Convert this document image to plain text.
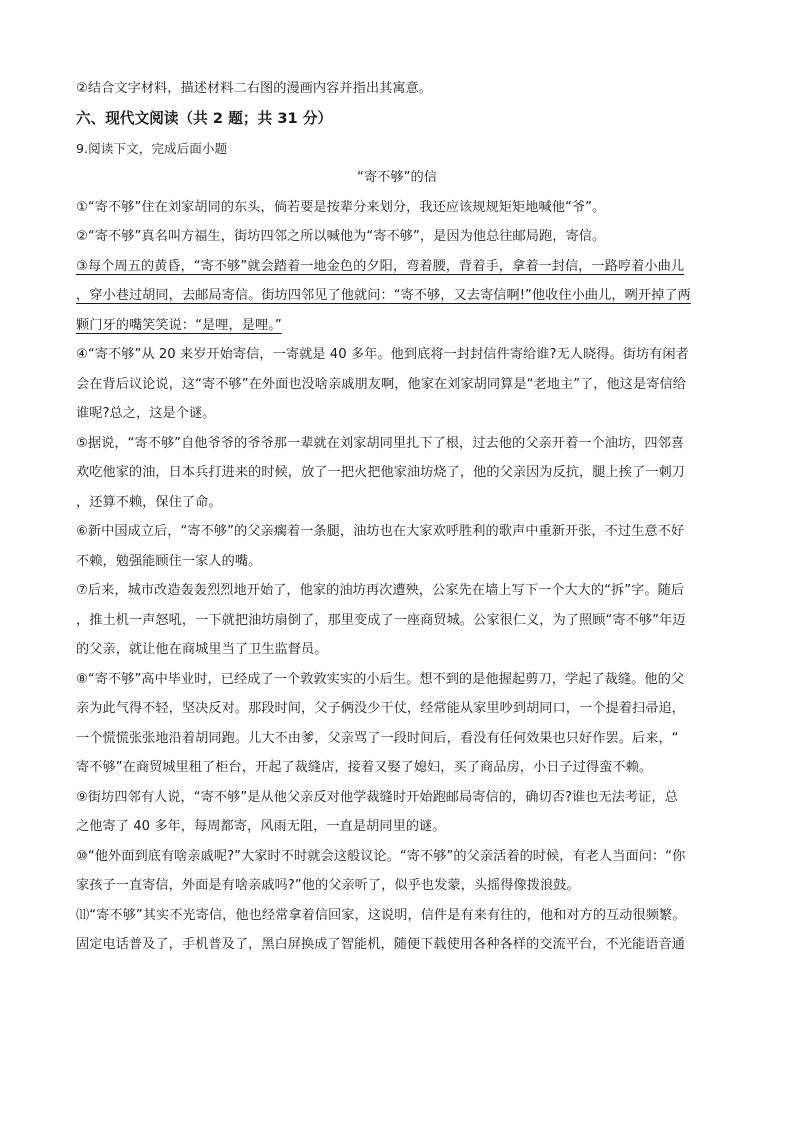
②结合文字材料，描述材料二右图的漫画内容并指出其寓意。
六、现代文阅读（共 2 题；共 31 分）
9.阅读下文，完成后面小题
“寄不够”的信
①“寄不够”住在刘家胡同的东头，倘若要是按辈分来划分，我还应该规规矩矩地喊他“爷”。
②“寄不够”真名叫方福生，街坊四邻之所以喊他为“寄不够”，是因为他总往邮局跑，寄信。
③每个周五的黄昏，“寄不够”就会踏着一地金色的夕阳，弯着腰，背着手，拿着一封信，一路哼着小曲儿
，穿小巷过胡同，去邮局寄信。街坊四邻见了他就问：“寄不够，又去寄信啊!”他收住小曲儿，咧开掉了两
颗门牙的嘴笑笑说：“是哩，是哩。”
④“寄不够”从 20 来岁开始寄信，一寄就是 40 多年。他到底将一封封信件寄给谁?无人晓得。街坊有闲者
会在背后议论说，这“寄不够”在外面也没啥亲戚朋友啊，他家在刘家胡同算是“老地主”了，他这是寄信给
谁呢?总之，这是个谜。
⑤据说，“寄不够”自他爷爷的爷爷那一辈就在刘家胡同里扎下了根，过去他的父亲开着一个油坊，四邻喜
欢吃他家的油，日本兵打进来的时候，放了一把火把他家油坊烧了，他的父亲因为反抗，腿上挨了一刺刀
，还算不赖，保住了命。
⑥新中国成立后，“寄不够”的父亲瘸着一条腿，油坊也在大家欢呼胜利的歌声中重新开张，不过生意不好
不赖，勉强能顾住一家人的嘴。
⑦后来，城市改造轰轰烈烈地开始了，他家的油坊再次遭殃，公家先在墙上写下一个大大的“拆”字。随后
，推土机一声怒吼，一下就把油坊扇倒了，那里变成了一座商贸城。公家很仁义，为了照顾“寄不够”年迈
的父亲，就让他在商城里当了卫生监督员。
⑧“寄不够”高中毕业时，已经成了一个敦敦实实的小后生。想不到的是他握起剪刀，学起了裁缝。他的父
亲为此气得不轻，坚决反对。那段时间，父子俩没少干仗，经常能从家里吵到胡同口，一个提着扫帚追，
一个慌慌张张地沿着胡同跑。儿大不由爹，父亲骂了一段时间后，看没有任何效果也只好作罢。后来，“
寄不够”在商贸城里租了柜台，开起了裁缝店，接着又娶了媳妇，买了商品房，小日子过得蛮不赖。
⑨街坊四邻有人说，“寄不够”是从他父亲反对他学裁缝时开始跑邮局寄信的，确切否?谁也无法考证，总
之他寄了 40 多年，每周都寄，风雨无阻，一直是胡同里的谜。
⑩“他外面到底有啥亲戚呢?”大家时不时就会这般议论。“寄不够”的父亲活着的时候，有老人当面问：“你
家孩子一直寄信，外面是有啥亲戚吗?”他的父亲听了，似乎也发蒙，头摇得像拨浪鼓。
⑾“寄不够”其实不光寄信，他也经常拿着信回家，这说明，信件是有来有往的，他和对方的互动很频繁。
固定电话普及了，手机普及了，黑白屏换成了智能机，随便下载使用各种各样的交流平台，不光能语音通
